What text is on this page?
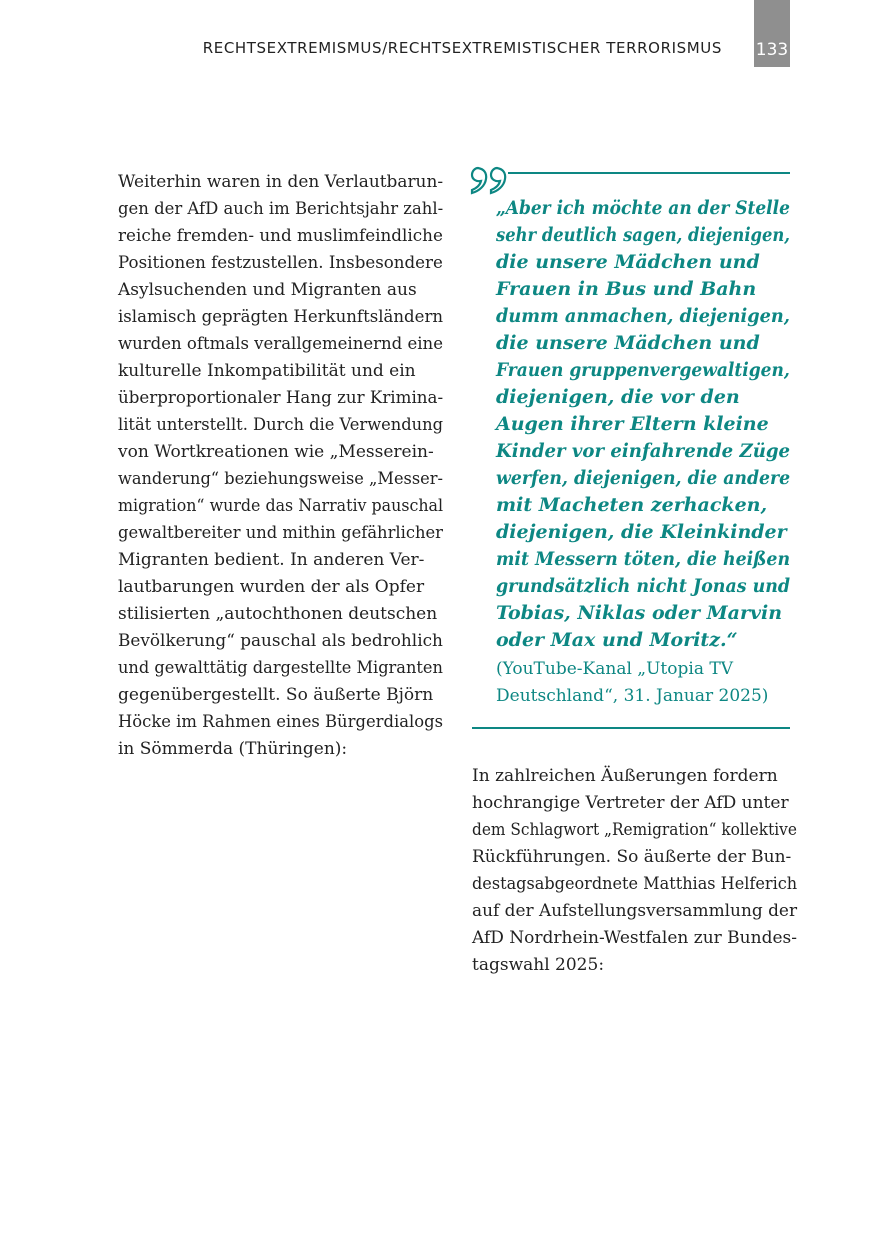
RECHTSEXTREMISMUS/RECHTSEXTREMISTISCHER TERRORISMUS 133
Weiterhin waren in den Verlautbarun-
gen der AfD auch im Berichtsjahr zahl-
reiche fremden- und muslimfeindliche
Positionen festzustellen. Insbesondere
Asylsuchenden und Migranten aus
islamisch geprägten Herkunftsländern
wurden oftmals verallgemeinernd eine
kulturelle Inkompatibilität und ein
überproportionaler Hang zur Krimina-
lität unterstellt. Durch die Verwendung
von Wortkreationen wie „Messerein-
wanderung“ beziehungsweise „Messer-
migration“ wurde das Narrativ pauschal
gewaltbereiter und mithin gefährlicher
Migranten bedient. In anderen Ver-
lautbarungen wurden der als Opfer
stilisierten „autochthonen deutschen
Bevölkerung“ pauschal als bedrohlich
und gewalttätig dargestellte Migranten
gegenübergestellt. So äußerte Björn
Höcke im Rahmen eines Bürgerdialogs
in Sömmerda (Thüringen):
„Aber ich möchte an der Stelle
sehr deutlich sagen, diejenigen,
die unsere Mädchen und
Frauen in Bus und Bahn
dumm anmachen, diejenigen,
die unsere Mädchen und
Frauen gruppenvergewaltigen,
diejenigen, die vor den
Augen ihrer Eltern kleine
Kinder vor einfahrende Züge
werfen, diejenigen, die andere
mit Macheten zerhacken,
diejenigen, die Kleinkinder
mit Messern töten, die heißen
grundsätzlich nicht Jonas und
Tobias, Niklas oder Marvin
oder Max und Moritz.“
(YouTube-Kanal „Utopia TV
Deutschland“, 31. Januar 2025)
In zahlreichen Äußerungen fordern
hochrangige Vertreter der AfD unter
dem Schlagwort „Remigration“ kollektive
Rückführungen. So äußerte der Bun-
destagsabgeordnete Matthias Helferich
auf der Aufstellungsversammlung der
AfD Nordrhein-Westfalen zur Bundes-
tagswahl 2025:
